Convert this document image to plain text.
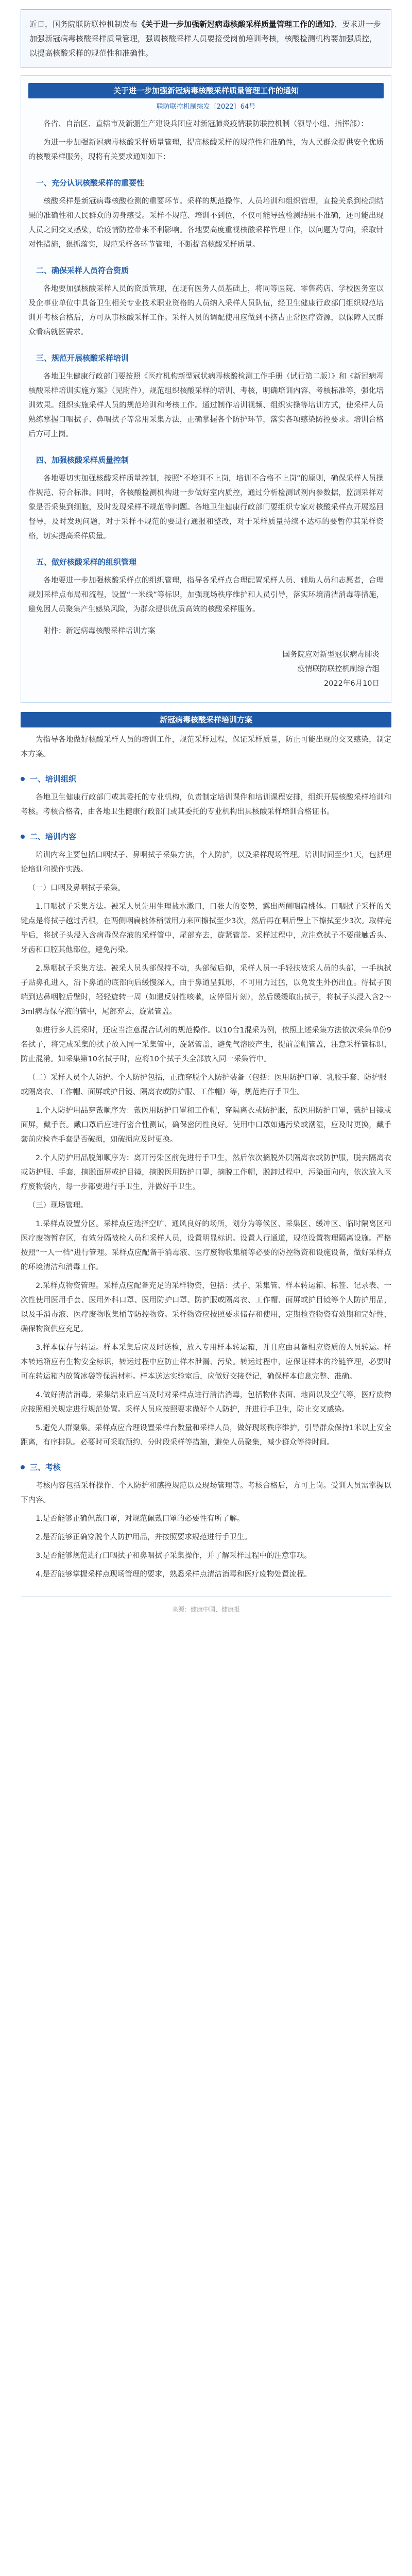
近日，国务院联防联控机制发布《关于进一步加强新冠病毒核酸采样质量管理工作的通知》，要求进一步加强新冠病毒核酸采样质量管理，强调核酸采样人员要接受岗前培训考核，核酸检测机构要加强质控，以提高核酸采样的规范性和准确性。
关于进一步加强新冠病毒核酸采样质量管理工作的通知
联防联控机制综发〔2022〕64号
各省、自治区、直辖市及新疆生产建设兵团应对新冠肺炎疫情联防联控机制（领导小组、指挥部）：
为进一步加强新冠病毒核酸采样质量管理，提高核酸采样的规范性和准确性，为人民群众提供安全优质的核酸采样服务，现将有关要求通知如下：
一、充分认识核酸采样的重要性
核酸采样是新冠病毒核酸检测的重要环节。采样的规范操作、人员培训和组织管理，直接关系到检测结果的准确性和人民群众的切身感受。采样不规范、培训不到位，不仅可能导致检测结果不准确，还可能出现人员之间交叉感染，给疫情防控带来不利影响。各地要高度重视核酸采样管理工作，以问题为导向，采取针对性措施，狠抓落实，规范采样各环节管理，不断提高核酸采样质量。
二、确保采样人员符合资质
各地要加强核酸采样人员的资质管理，在现有医务人员基础上，将同等医院、零售药店、学校医务室以及企事业单位中具备卫生相关专业技术职业资格的人员纳入采样人员队伍，经卫生健康行政部门组织规范培训并考核合格后，方可从事核酸采样工作。采样人员的调配使用应做到不挤占正常医疗资源，以保障人民群众看病就医需求。
三、规范开展核酸采样培训
各地卫生健康行政部门要按照《医疗机构新型冠状病毒核酸检测工作手册（试行第二版）》和《新冠病毒核酸采样培训实施方案》（见附件），规范组织核酸采样的培训、考核，明确培训内容、考核标准等，强化培训效果。组织实施采样人员的规范培训和考核工作。通过制作培训视频、组织实操等培训方式，使采样人员熟练掌握口咽拭子、鼻咽拭子等常用采集方法，正确掌握各个防护环节，落实各项感染防控要求。培训合格后方可上岗。
四、加强核酸采样质量控制
各地要切实加强核酸采样质量控制，按照“不培训不上岗，培训不合格不上岗”的原则，确保采样人员操作规范、符合标准。同时，各核酸检测机构进一步做好室内质控，通过分析检测试剂内参数据，监测采样对象是否采集到细胞，及时发现采样不规范等问题。各地卫生健康行政部门要组织专家对核酸采样点开展巡回督导，及时发现问题，对于采样不规范的要进行通报和整改，对于采样质量持续不达标的要暂停其采样资格，切实提高采样质量。
五、做好核酸采样的组织管理
各地要进一步加强核酸采样点的组织管理，指导各采样点合理配置采样人员、辅助人员和志愿者，合理规划采样点布局和流程，设置“一米线”等标识，加强现场秩序维护和人员引导，落实环境清洁消毒等措施，避免因人员聚集产生感染风险，为群众提供优质高效的核酸采样服务。
附件：新冠病毒核酸采样培训方案
国务院应对新型冠状病毒肺炎
疫情联防联控机制综合组
2022年6月10日
新冠病毒核酸采样培训方案
为指导各地做好核酸采样人员的培训工作，规范采样过程，保证采样质量，防止可能出现的交叉感染，制定本方案。
一、培训组织
各地卫生健康行政部门或其委托的专业机构，负责制定培训课件和培训课程安排，组织开展核酸采样培训和考核。考核合格者，由各地卫生健康行政部门或其委托的专业机构出具核酸采样培训合格证书。
二、培训内容
培训内容主要包括口咽拭子、鼻咽拭子采集方法，个人防护，以及采样现场管理。培训时间至少1天，包括理论培训和操作实践。
（一）口咽及鼻咽拭子采集。
1.口咽拭子采集方法。被采人员先用生理盐水漱口，口张大的姿势，露出两侧咽扁桃体。口咽拭子采样的关键点是将拭子越过舌根，在两侧咽扁桃体稍微用力来回擦拭至少3次，然后再在咽后壁上下擦拭至少3次。取样完毕后，将拭子头浸入含病毒保存液的采样管中，尾部弃去，旋紧管盖。采样过程中，应注意拭子不要碰触舌头、牙齿和口腔其他部位，避免污染。
2.鼻咽拭子采集方法。被采人员头部保持不动，头部微后仰，采样人员一手轻扶被采人员的头部，一手执拭子贴鼻孔进入，沿下鼻道的底部向后缓慢深入，由于鼻道呈弧形，不可用力过猛，以免发生外伤出血。待拭子顶端到达鼻咽腔后壁时，轻轻旋转一周（如遇反射性咳嗽，应停留片刻），然后缓缓取出拭子，将拭子头浸入含2～3ml病毒保存液的管中，尾部弃去，旋紧管盖。
如进行多人混采时，还应当注意混合试剂的规范操作。以10合1混采为例，依照上述采集方法依次采集单份9名拭子，将完成采集的拭子放入同一采集管中，旋紧管盖，避免气溶胶产生，提前盖帽管盖，注意采样管标识，防止混淆。如采集第10名拭子时，应将10个拭子头全部放入同一采集管中。
（二）采样人员个人防护。个人防护包括，正确穿脱个人防护装备（包括：医用防护口罩、乳胶手套、防护服或隔离衣、工作帽、面屏或护目镜、隔离衣或防护服、工作帽）等，规范进行手卫生。
1.个人防护用品穿戴顺序为：戴医用防护口罩和工作帽，穿隔离衣或防护服，戴医用防护口罩，戴护目镜或面屏，戴手套。戴口罩后应进行密合性测试，确保密闭性良好。使用中口罩如遇污染或潮湿，应及时更换，戴手套前应检查手套是否破损，如破损应及时更换。
2.个人防护用品脱卸顺序为：离开污染区前先进行手卫生，然后依次摘脱外层隔离衣或防护服，脱去隔离衣或防护服、手套，摘脱面屏或护目镜，摘脱医用防护口罩，摘脱工作帽，脱卸过程中，污染面向内，依次放入医疗废物袋内，每一步都要进行手卫生，并做好手卫生。
（三）现场管理。
1.采样点设置分区。采样点应选择空旷、通风良好的场所，划分为等候区、采集区、缓冲区、临时隔离区和医疗废物暂存区，有效分隔被检人员和采样人员，设置明显标识。设置人行通道，规范设置物理隔离设施。严格按照“一人一档”进行管理。采样点应配备手消毒液、医疗废物收集桶等必要的防控物资和设施设备，做好采样点的环境清洁和消毒工作。
2.采样点物资管理。采样点应配备充足的采样物资，包括：拭子、采集管、样本转运箱、标签、记录表、一次性使用医用手套、医用外科口罩、医用防护口罩、防护服或隔离衣、工作帽、面屏或护目镜等个人防护用品，以及手消毒液、医疗废物收集桶等防控物资。采样物资应按照要求储存和使用，定期检查物资有效期和完好性，确保物资供应充足。
3.样本保存与转运。样本采集后应及时送检，放入专用样本转运箱，并且应由具备相应资质的人员转运。样本转运箱应有生物安全标识，转运过程中应防止样本泄漏、污染。转运过程中，应保证样本的冷链管理，必要时可在转运箱内放置冰袋等保温材料。样本送达实验室后，应做好交接登记，确保样本信息完整、准确。
4.做好清洁消毒。采集结束后应当及时对采样点进行清洁消毒，包括物体表面、地面以及空气等，医疗废物应按照相关规定进行规范处置。采样人员应按照要求做好个人防护，并进行手卫生，防止交叉感染。
5.避免人群聚集。采样点应合理设置采样台数量和采样人员，做好现场秩序维护，引导群众保持1米以上安全距离，有序排队。必要时可采取预约、分时段采样等措施，避免人员聚集，减少群众等待时间。
三、考核
考核内容包括采样操作、个人防护和感控规范以及现场管理等。考核合格后，方可上岗。受训人员需掌握以下内容。
1.是否能够正确佩戴口罩，对规范佩戴口罩的必要性有所了解。
2.是否能够正确穿脱个人防护用品，并按照要求规范进行手卫生。
3.是否能够规范进行口咽拭子和鼻咽拭子采集操作，并了解采样过程中的注意事项。
4.是否能够掌握采样点现场管理的要求，熟悉采样点清洁消毒和医疗废物处置流程。
来源：健康中国、健康报
